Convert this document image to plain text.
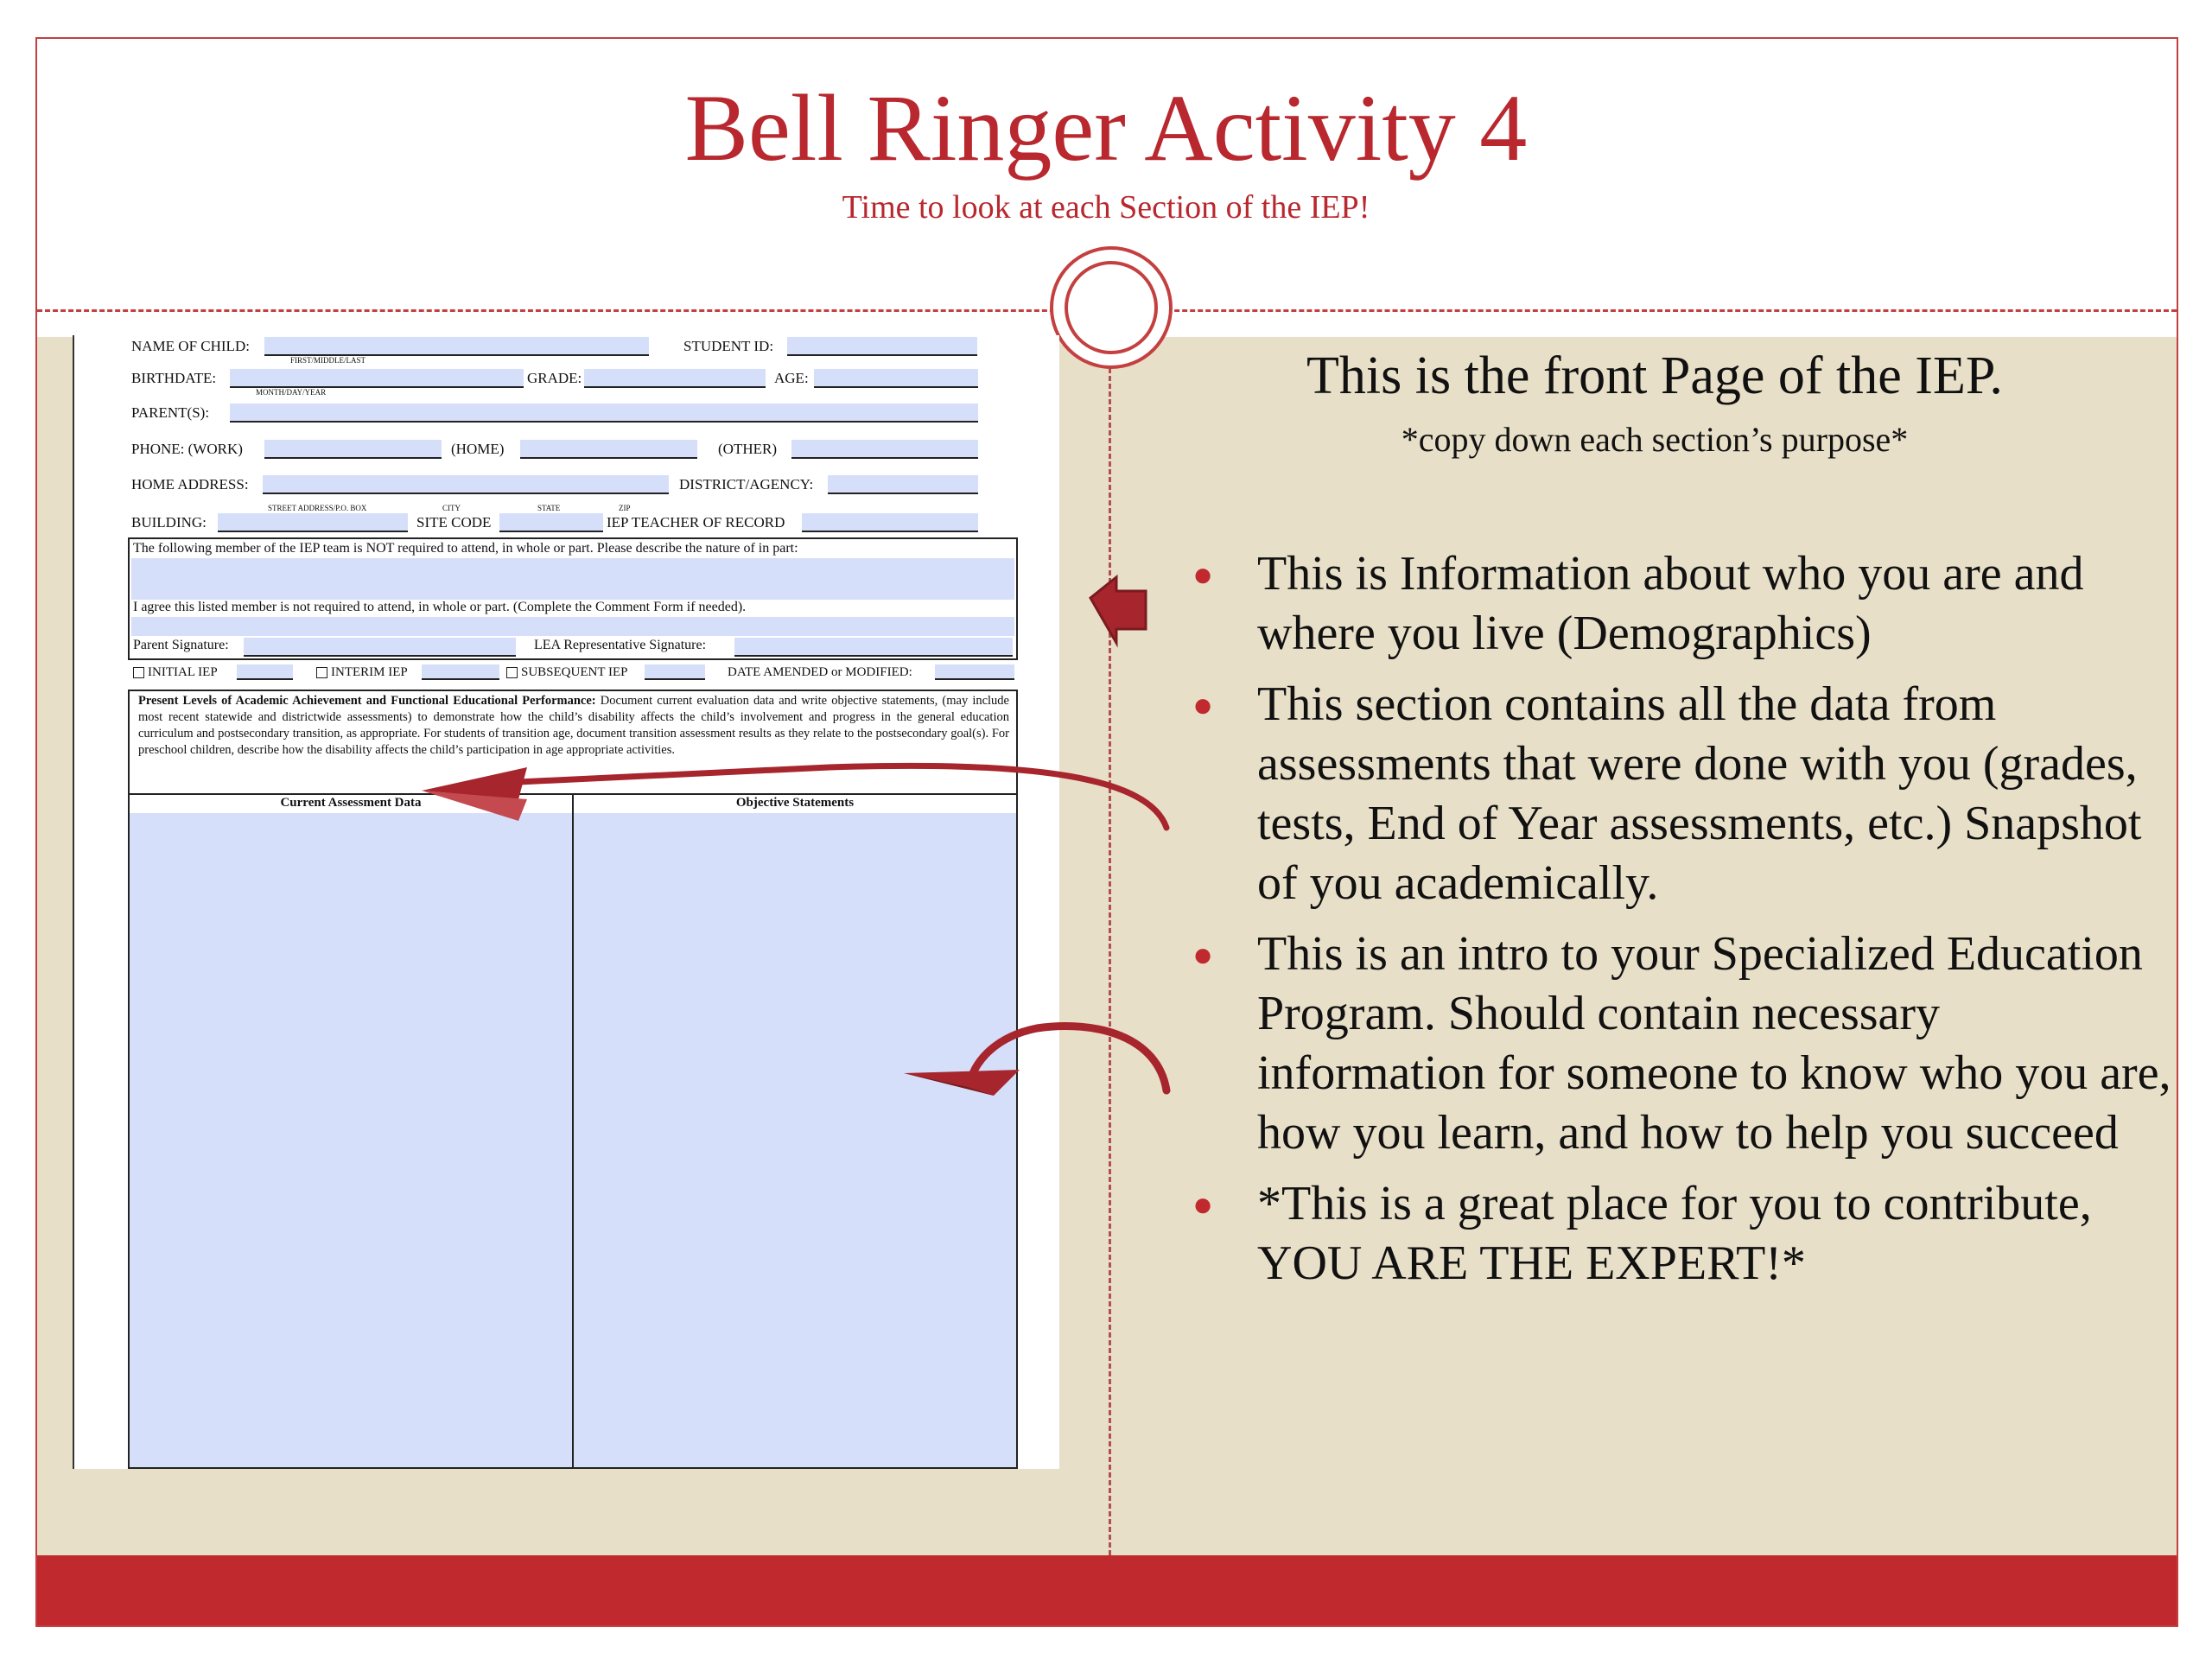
Bell Ringer Activity 4
Time to look at each Section of the IEP!
This is the front Page of the IEP.
*copy down each section’s purpose*
● This is Information about who you are and where you live (Demographics)
● This section contains all the data from assessments that were done with you (grades, tests, End of Year assessments, etc.) Snapshot of you academically.
● This is an intro to your Specialized Education Program. Should contain necessary information for someone to know who you are, how you learn, and how to help you succeed
● *This is a great place for you to contribute, YOU ARE THE EXPERT!*
NAME OF CHILD:
FIRST/MIDDLE/LAST
STUDENT ID:
BIRTHDATE:
MONTH/DAY/YEAR
GRADE:	AGE:
PARENT(S):
PHONE: (WORK)	(HOME)	(OTHER)
HOME ADDRESS:	DISTRICT/AGENCY:
STREET ADDRESS/P.O. BOX	CITY	STATE	ZIP
BUILDING:	SITE CODE	IEP TEACHER OF RECORD
The following member of the IEP team is NOT required to attend, in whole or part. Please describe the nature of in part:
I agree this listed member is not required to attend, in whole or part. (Complete the Comment Form if needed).
Parent Signature:	LEA Representative Signature:
INITIAL IEP	INTERIM IEP	SUBSEQUENT IEP	DATE AMENDED or MODIFIED:
Present Levels of Academic Achievement and Functional Educational Performance: Document current evaluation data and write objective statements, (may include most recent statewide and districtwide assessments) to demonstrate how the child’s disability affects the child’s involvement and progress in the general education curriculum and postsecondary transition, as appropriate. For students of transition age, document transition assessment results as they relate to the postsecondary goal(s). For preschool children, describe how the disability affects the child’s participation in age appropriate activities.
Current Assessment Data	Objective Statements
